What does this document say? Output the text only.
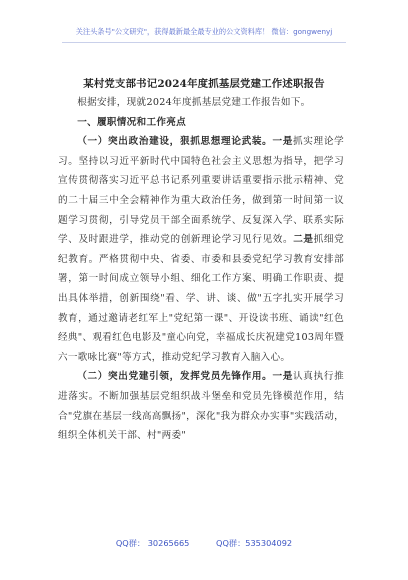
关注头条号"公文研究"，获得最新最全最专业的公文资料库！ 微信：gongwenyj
某村党支部书记2024年度抓基层党建工作述职报告

根据安排，现就2024年度抓基层党建工作报告如下。

一、履职情况和工作亮点

（一）突出政治建设，狠抓思想理论武装。一是抓实理论学习。坚持以习近平新时代中国特色社会主义思想为指导，把学习宣传贯彻落实习近平总书记系列重要讲话重要指示批示精神、党的二十届三中全会精神作为重大政治任务，做到第一时间第一议题学习贯彻，引导党员干部全面系统学、反复深入学、联系实际学、及时跟进学，推动党的创新理论学习见行见效。二是抓细党纪教育。严格贯彻中央、省委、市委和县委党纪学习教育安排部署，第一时间成立领导小组、细化工作方案、明确工作职责、提出具体举措，创新围绕"看、学、讲、谈、做"五字扎实开展学习教育，通过邀请老红军上"党纪第一课"、开设读书班、诵读"红色经典"、观看红色电影及"童心向党，幸福成长庆祝建党103周年暨六一歌咏比赛"等方式，推动党纪学习教育入脑入心。

（二）突出党建引领，发挥党员先锋作用。一是认真执行推进落实。不断加强基层党组织战斗堡垒和党员先锋模范作用，结合"党旗在基层一线高高飘扬"，深化"我为群众办实事"实践活动，组织全体机关干部、村"两委"

QQ群： 30265665	QQ群：535304092
